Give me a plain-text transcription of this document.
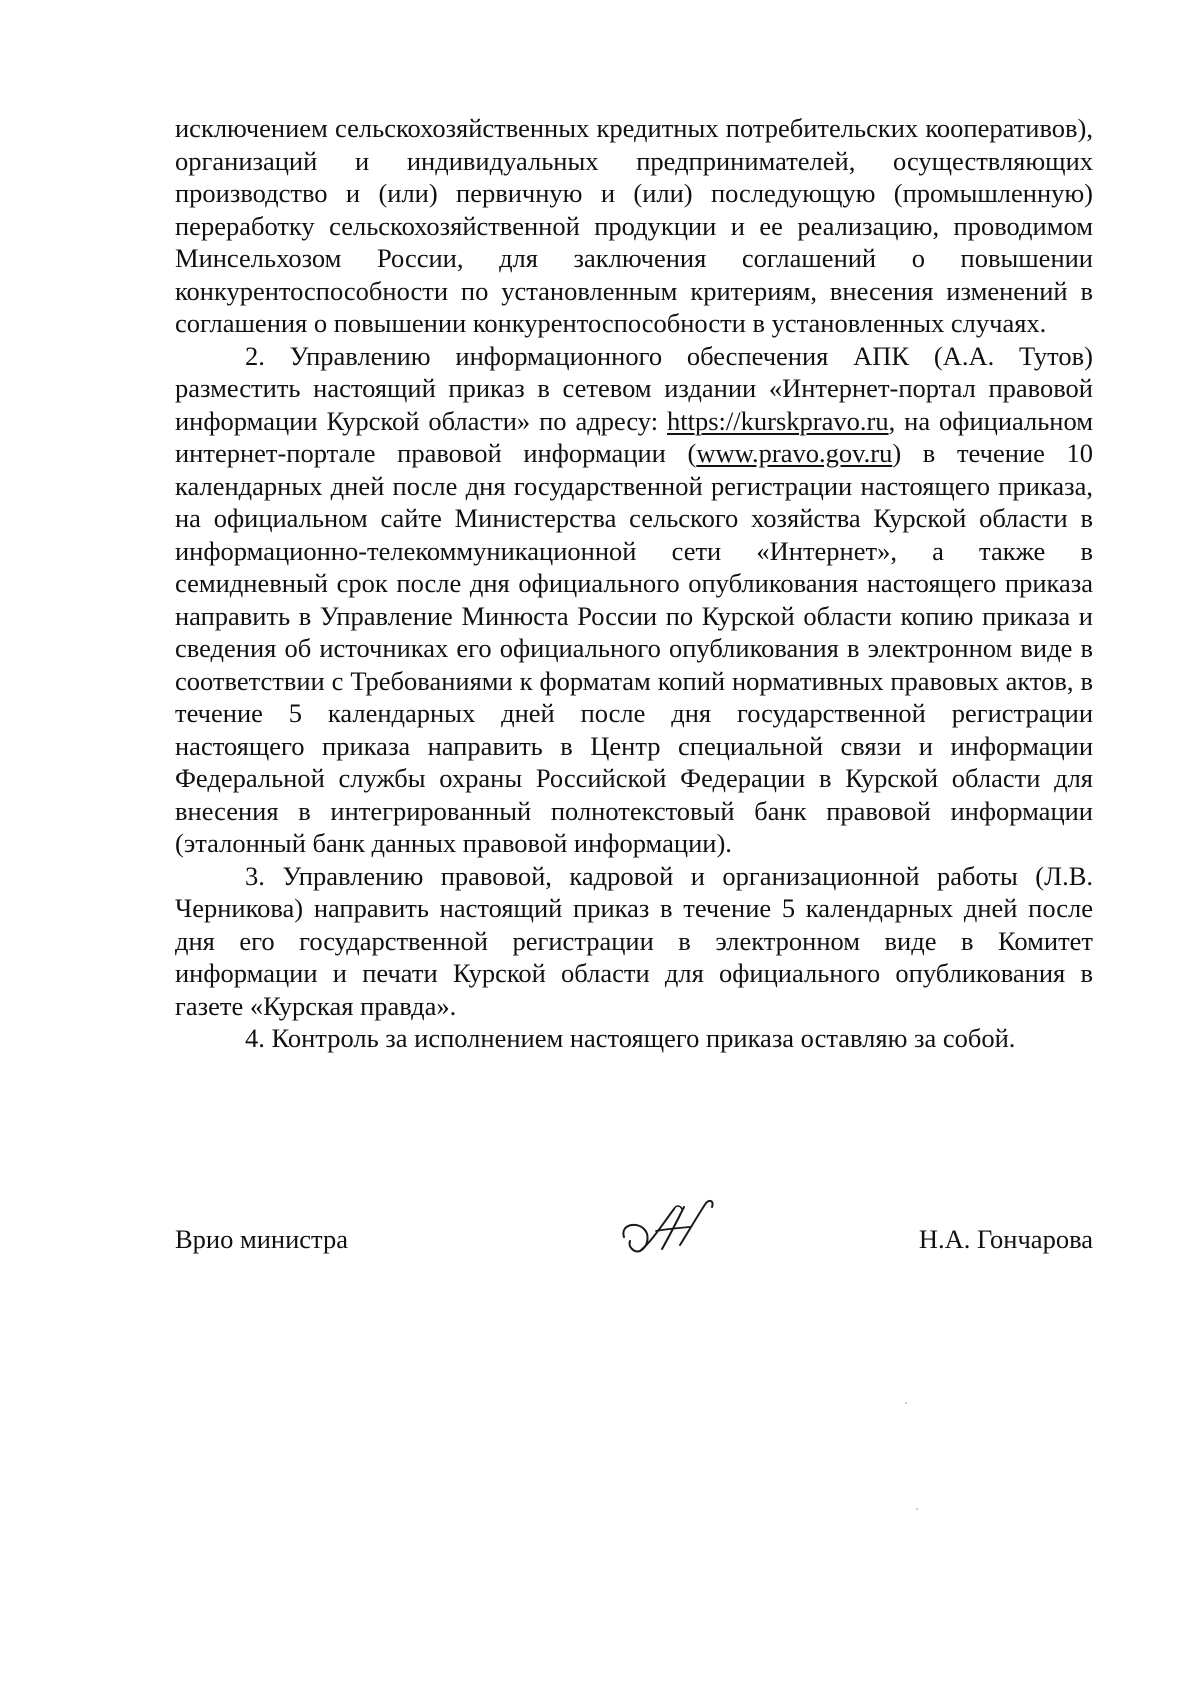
исключением сельскохозяйственных кредитных потребительских кооперативов), организаций и индивидуальных предпринимателей, осуществляющих производство и (или) первичную и (или) последующую (промышленную) переработку сельскохозяйственной продукции и ее реализацию, проводимом Минсельхозом России, для заключения соглашений о повышении конкурентоспособности по установленным критериям, внесения изменений в соглашения о повышении конкурентоспособности в установленных случаях.

2. Управлению информационного обеспечения АПК (А.А. Тутов) разместить настоящий приказ в сетевом издании «Интернет-портал правовой информации Курской области» по адресу: https://kurskpravo.ru, на официальном интернет-портале правовой информации (www.pravo.gov.ru) в течение 10 календарных дней после дня государственной регистрации настоящего приказа, на официальном сайте Министерства сельского хозяйства Курской области в информационно-телекоммуникационной сети «Интернет», а также в семидневный срок после дня официального опубликования настоящего приказа направить в Управление Минюста России по Курской области копию приказа и сведения об источниках его официального опубликования в электронном виде в соответствии с Требованиями к форматам копий нормативных правовых актов, в течение 5 календарных дней после дня государственной регистрации настоящего приказа направить в Центр специальной связи и информации Федеральной службы охраны Российской Федерации в Курской области для внесения в интегрированный полнотекстовый банк правовой информации (эталонный банк данных правовой информации).

3. Управлению правовой, кадровой и организационной работы (Л.В. Черникова) направить настоящий приказ в течение 5 календарных дней после дня его государственной регистрации в электронном виде в Комитет информации и печати Курской области для официального опубликования в газете «Курская правда».

4. Контроль за исполнением настоящего приказа оставляю за собой.

Врио министра	Н.А. Гончарова
